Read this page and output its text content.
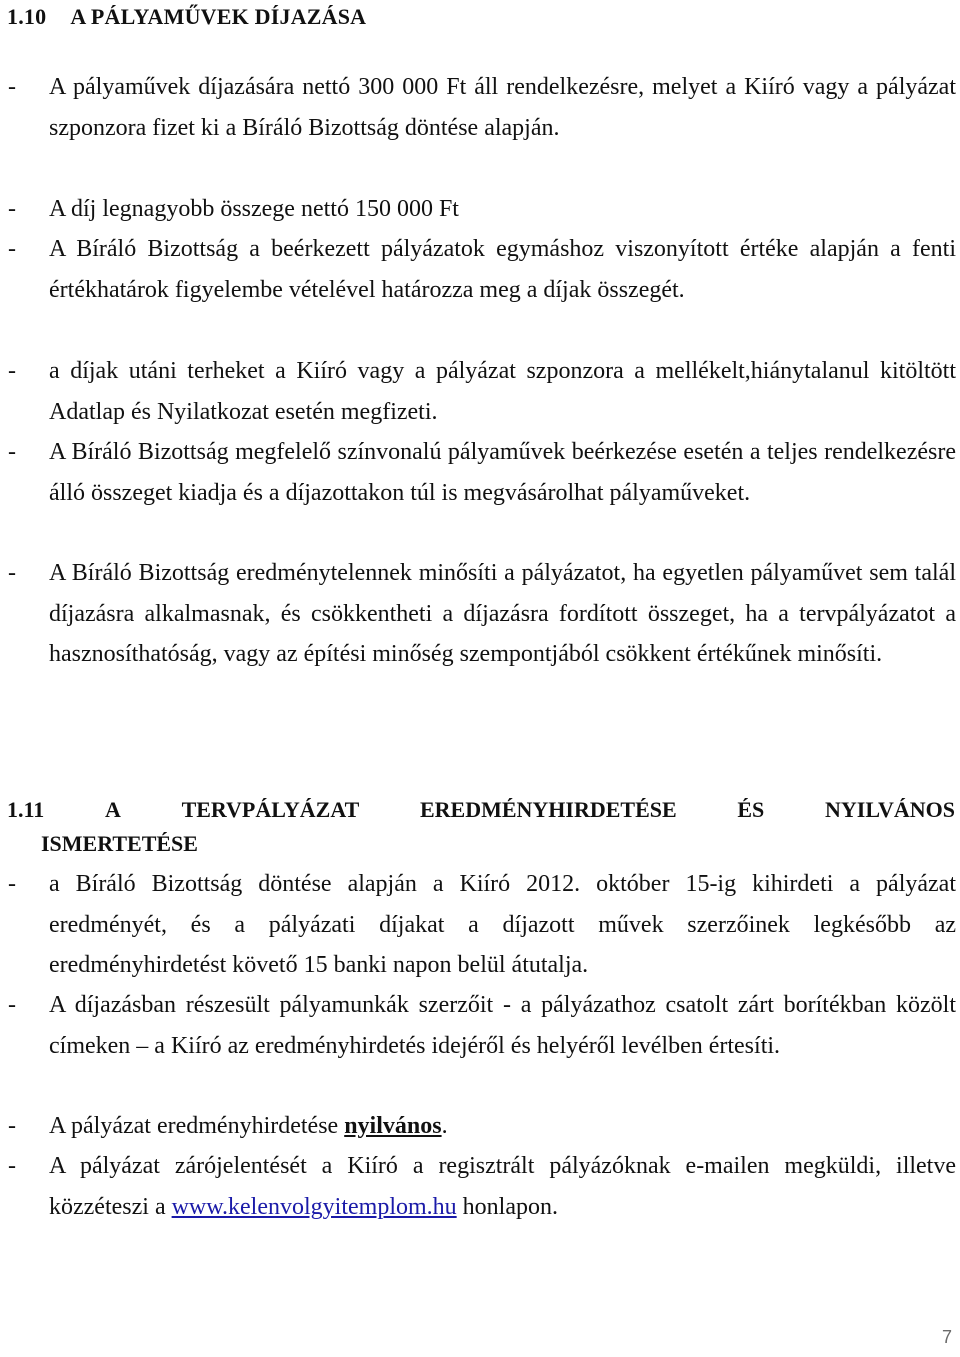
1.10 A PÁLYAMŰVEK DÍJAZÁSA
- A pályaművek díjazására nettó 300 000 Ft áll rendelkezésre, melyet a Kiíró vagy a pályázat szponzora fizet ki a Bíráló Bizottság döntése alapján.
- A díj legnagyobb összege nettó 150 000 Ft
- A Bíráló Bizottság a beérkezett pályázatok egymáshoz viszonyított értéke alapján a fenti értékhatárok figyelembe vételével határozza meg a díjak összegét.
- a díjak utáni terheket a Kiíró vagy a pályázat szponzora a mellékelt,hiánytalanul kitöltött Adatlap és Nyilatkozat esetén megfizeti.
- A Bíráló Bizottság megfelelő színvonalú pályaművek beérkezése esetén a teljes rendelkezésre álló összeget kiadja és a díjazottakon túl is megvásárolhat pályaműveket.
- A Bíráló Bizottság eredménytelennek minősíti a pályázatot, ha egyetlen pályaművet sem talál díjazásra alkalmasnak, és csökkentheti a díjazásra fordított összeget, ha a tervpályázatot a hasznosíthatóság, vagy az építési minőség szempontjából csökkent értékűnek minősíti.
1.11	A	TERVPÁLYÁZAT	EREDMÉNYHIRDETÉSE	ÉS	NYILVÁNOS
ISMERTETÉSE
- a Bíráló Bizottság döntése alapján a Kiíró 2012. október 15-ig kihirdeti a pályázat eredményét, és a pályázati díjakat a díjazott művek szerzőinek legkésőbb az eredményhirdetést követő 15 banki napon belül átutalja.
- A díjazásban részesült pályamunkák szerzőit - a pályázathoz csatolt zárt borítékban közölt címeken – a Kiíró az eredményhirdetés idejéről és helyéről levélben értesíti.
- A pályázat eredményhirdetése nyilvános.
- A pályázat zárójelentését a Kiíró a regisztrált pályázóknak e-mailen megküldi, illetve közzéteszi a www.kelenvolgyitemplom.hu honlapon.
7
